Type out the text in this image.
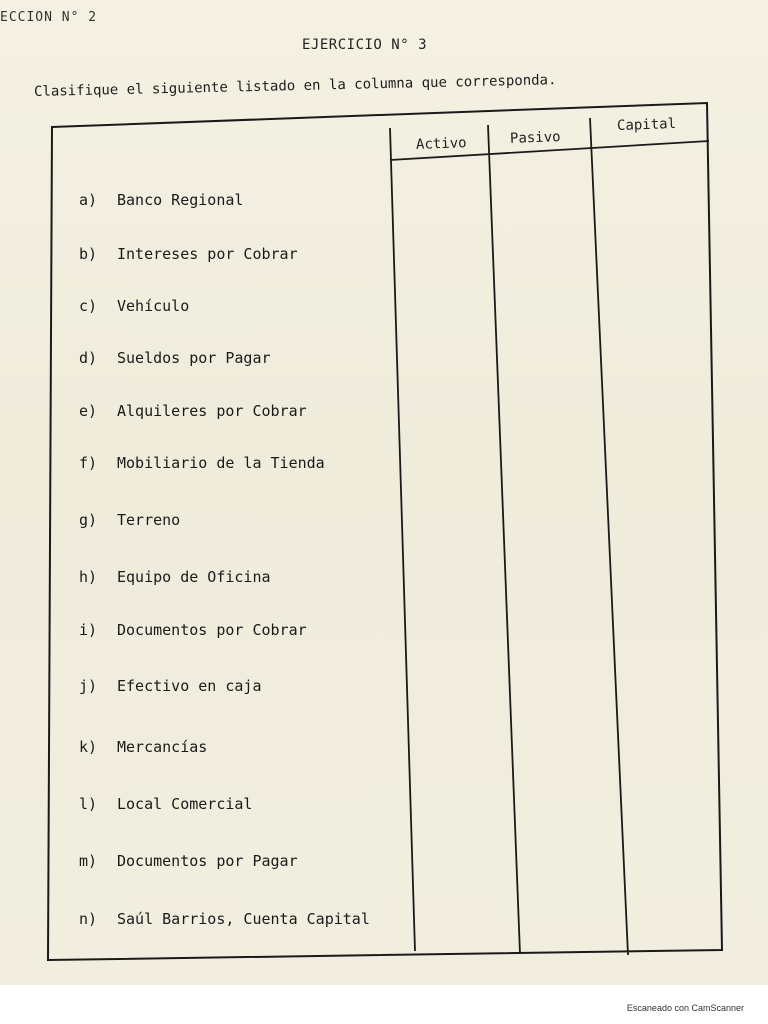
ECCION N° 2
EJERCICIO N° 3
Clasifique el siguiente listado en la columna que corresponda.
Activo	Pasivo
Capital
a) Banco Regional
b) Intereses por Cobrar
c) Vehículo
d) Sueldos por Pagar
e) Alquileres por Cobrar
f) Mobiliario de la Tienda
g) Terreno
h) Equipo de Oficina
i) Documentos por Cobrar
j) Efectivo en caja
k) Mercancías
l) Local Comercial
m) Documentos por Pagar
n) Saúl Barrios, Cuenta Capital
Escaneado con CamScanner
